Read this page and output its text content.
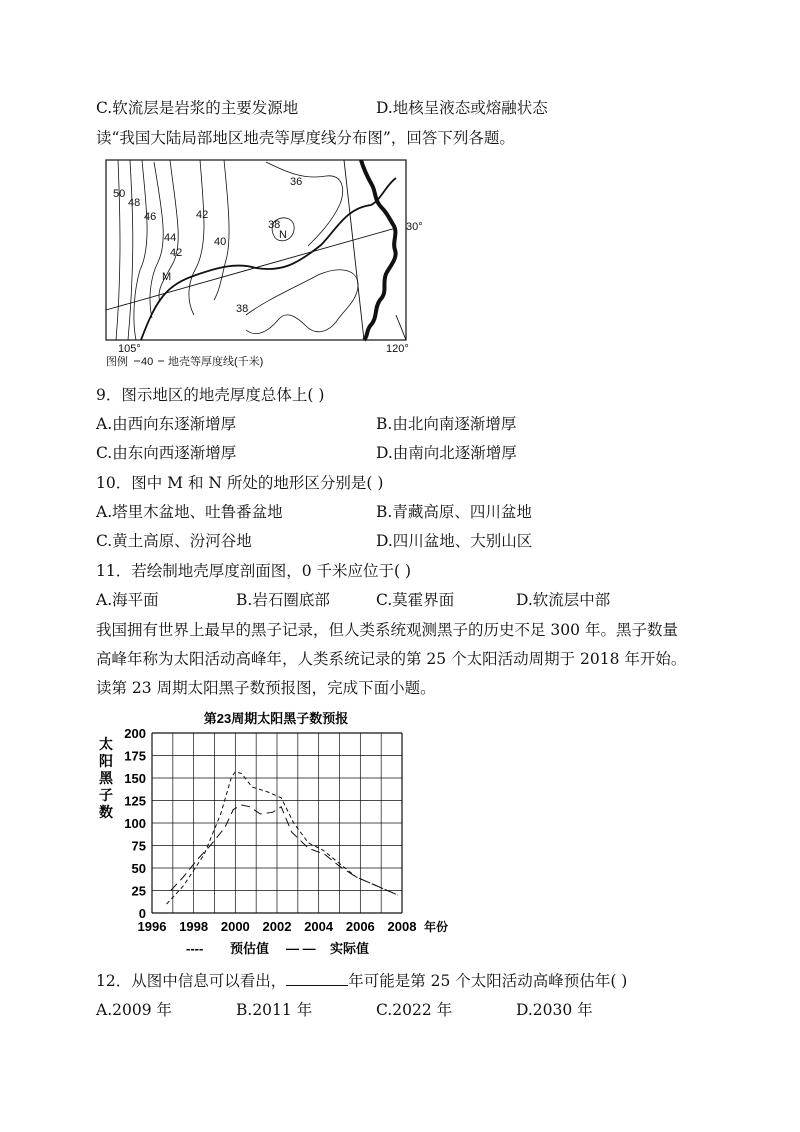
C.软流层是岩浆的主要发源地	D.地核呈液态或熔融状态
读“我国大陆局部地区地壳等厚度线分布图”，回答下列各题。
50
48
46
44
42
42
40
36
38
38
M
N
30°
105°	120°
图例 40 地壳等厚度线(千米)
9．图示地区的地壳厚度总体上( )
A.由西向东逐渐增厚	B.由北向南逐渐增厚
C.由东向西逐渐增厚	D.由南向北逐渐增厚
10．图中 M 和 N 所处的地形区分别是( )
A.塔里木盆地、吐鲁番盆地	B.青藏高原、四川盆地
C.黄土高原、汾河谷地	D.四川盆地、大别山区
11．若绘制地壳厚度剖面图，0 千米应位于( )
A.海平面	B.岩石圈底部	C.莫霍界面	D.软流层中部
我国拥有世界上最早的黑子记录，但人类系统观测黑子的历史不足 300 年。黑子数量
高峰年称为太阳活动高峰年，人类系统记录的第 25 个太阳活动周期于 2018 年开始。
读第 23 周期太阳黑子数预报图，完成下面小题。
第23周期太阳黑子数预报
太
阳
黑
子
数
0
25
50
75
100
125
150
175
200
1996 1998 2000 2002 2004 2006 2008 年份
---- 预估值 — — 实际值
12．从图中信息可以看出，	年可能是第 25 个太阳活动高峰预估年( )
A.2009 年	B.2011 年	C.2022 年	D.2030 年
